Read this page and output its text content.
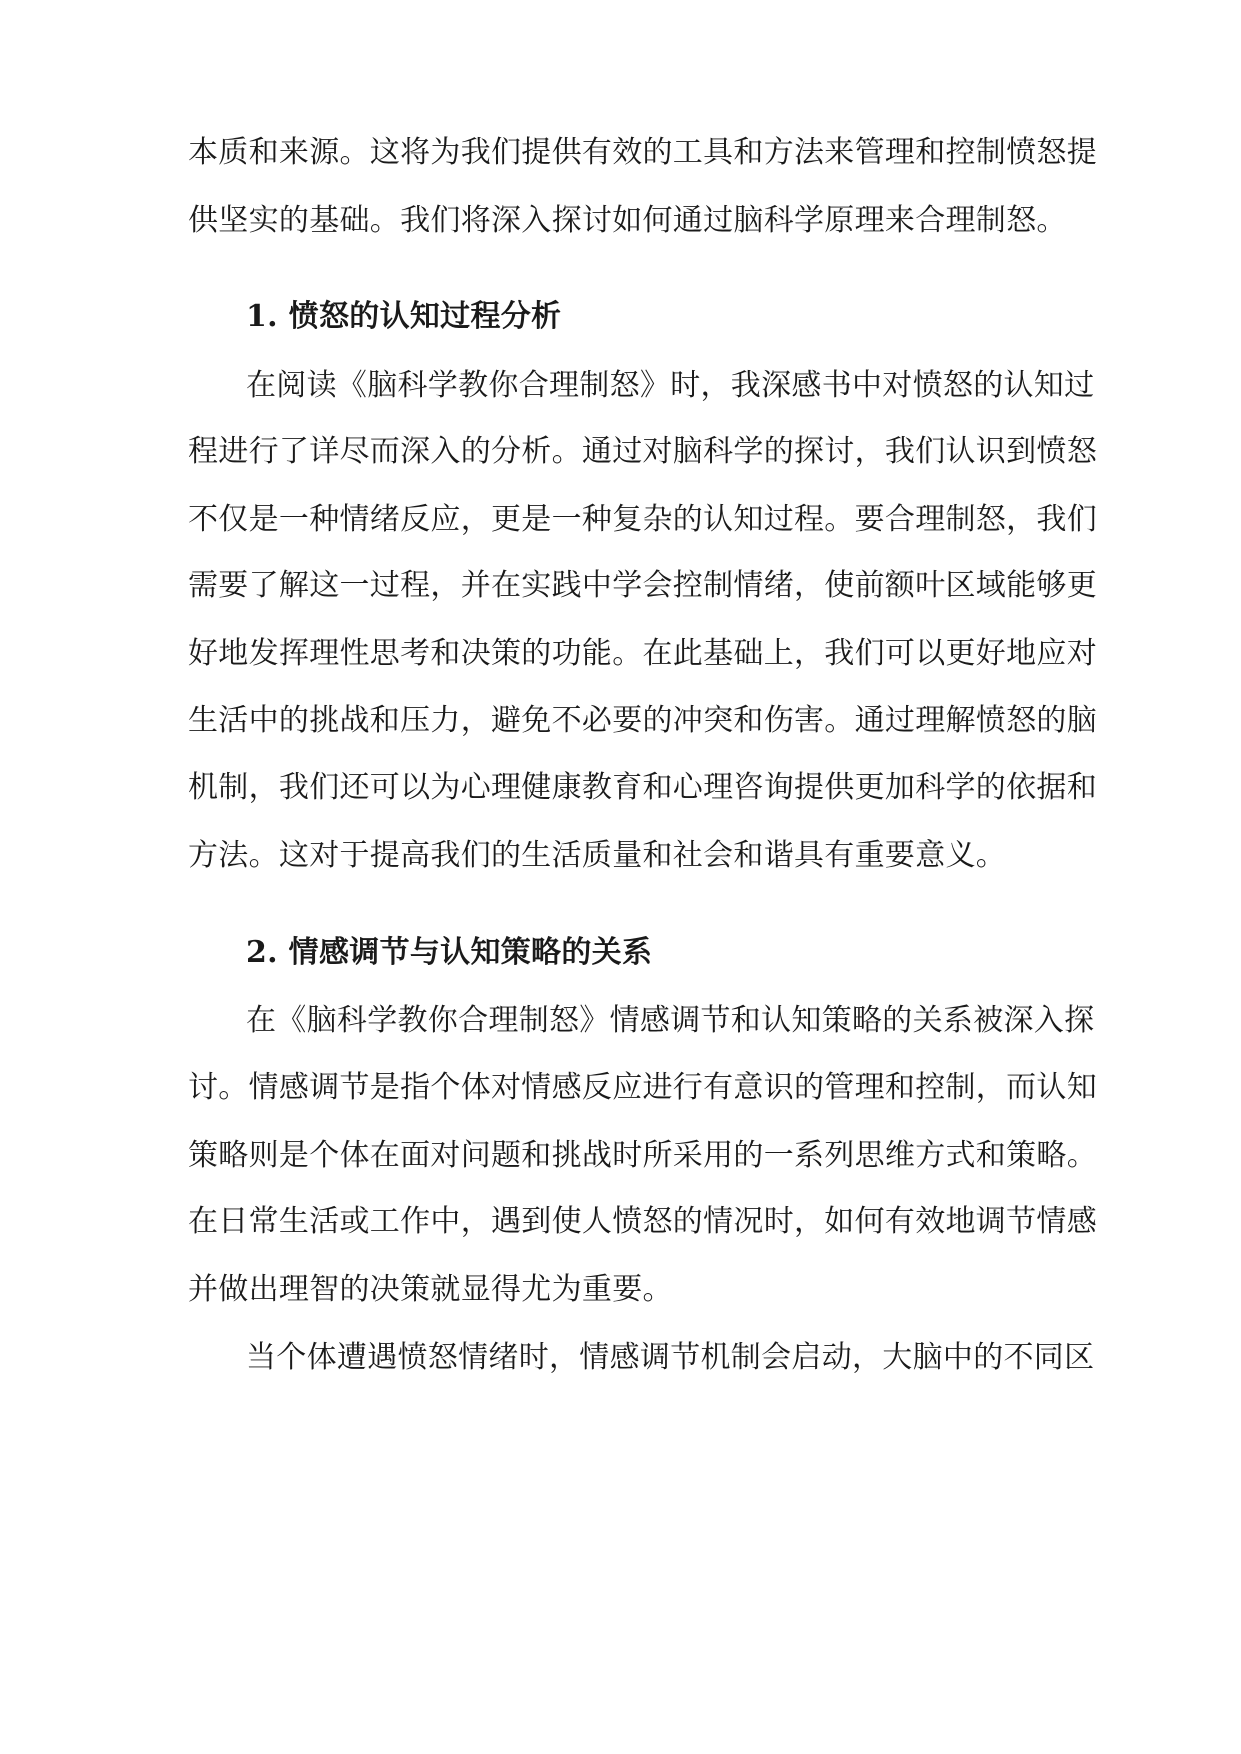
本质和来源。这将为我们提供有效的工具和方法来管理和控制愤怒提
供坚实的基础。我们将深入探讨如何通过脑科学原理来合理制怒。
1. 愤怒的认知过程分析
在阅读《脑科学教你合理制怒》时，我深感书中对愤怒的认知过
程进行了详尽而深入的分析。通过对脑科学的探讨，我们认识到愤怒
不仅是一种情绪反应，更是一种复杂的认知过程。要合理制怒，我们
需要了解这一过程，并在实践中学会控制情绪，使前额叶区域能够更
好地发挥理性思考和决策的功能。在此基础上，我们可以更好地应对
生活中的挑战和压力，避免不必要的冲突和伤害。通过理解愤怒的脑
机制，我们还可以为心理健康教育和心理咨询提供更加科学的依据和
方法。这对于提高我们的生活质量和社会和谐具有重要意义。
2. 情感调节与认知策略的关系
在《脑科学教你合理制怒》情感调节和认知策略的关系被深入探
讨。情感调节是指个体对情感反应进行有意识的管理和控制，而认知
策略则是个体在面对问题和挑战时所采用的一系列思维方式和策略。
在日常生活或工作中，遇到使人愤怒的情况时，如何有效地调节情感
并做出理智的决策就显得尤为重要。
当个体遭遇愤怒情绪时，情感调节机制会启动，大脑中的不同区
